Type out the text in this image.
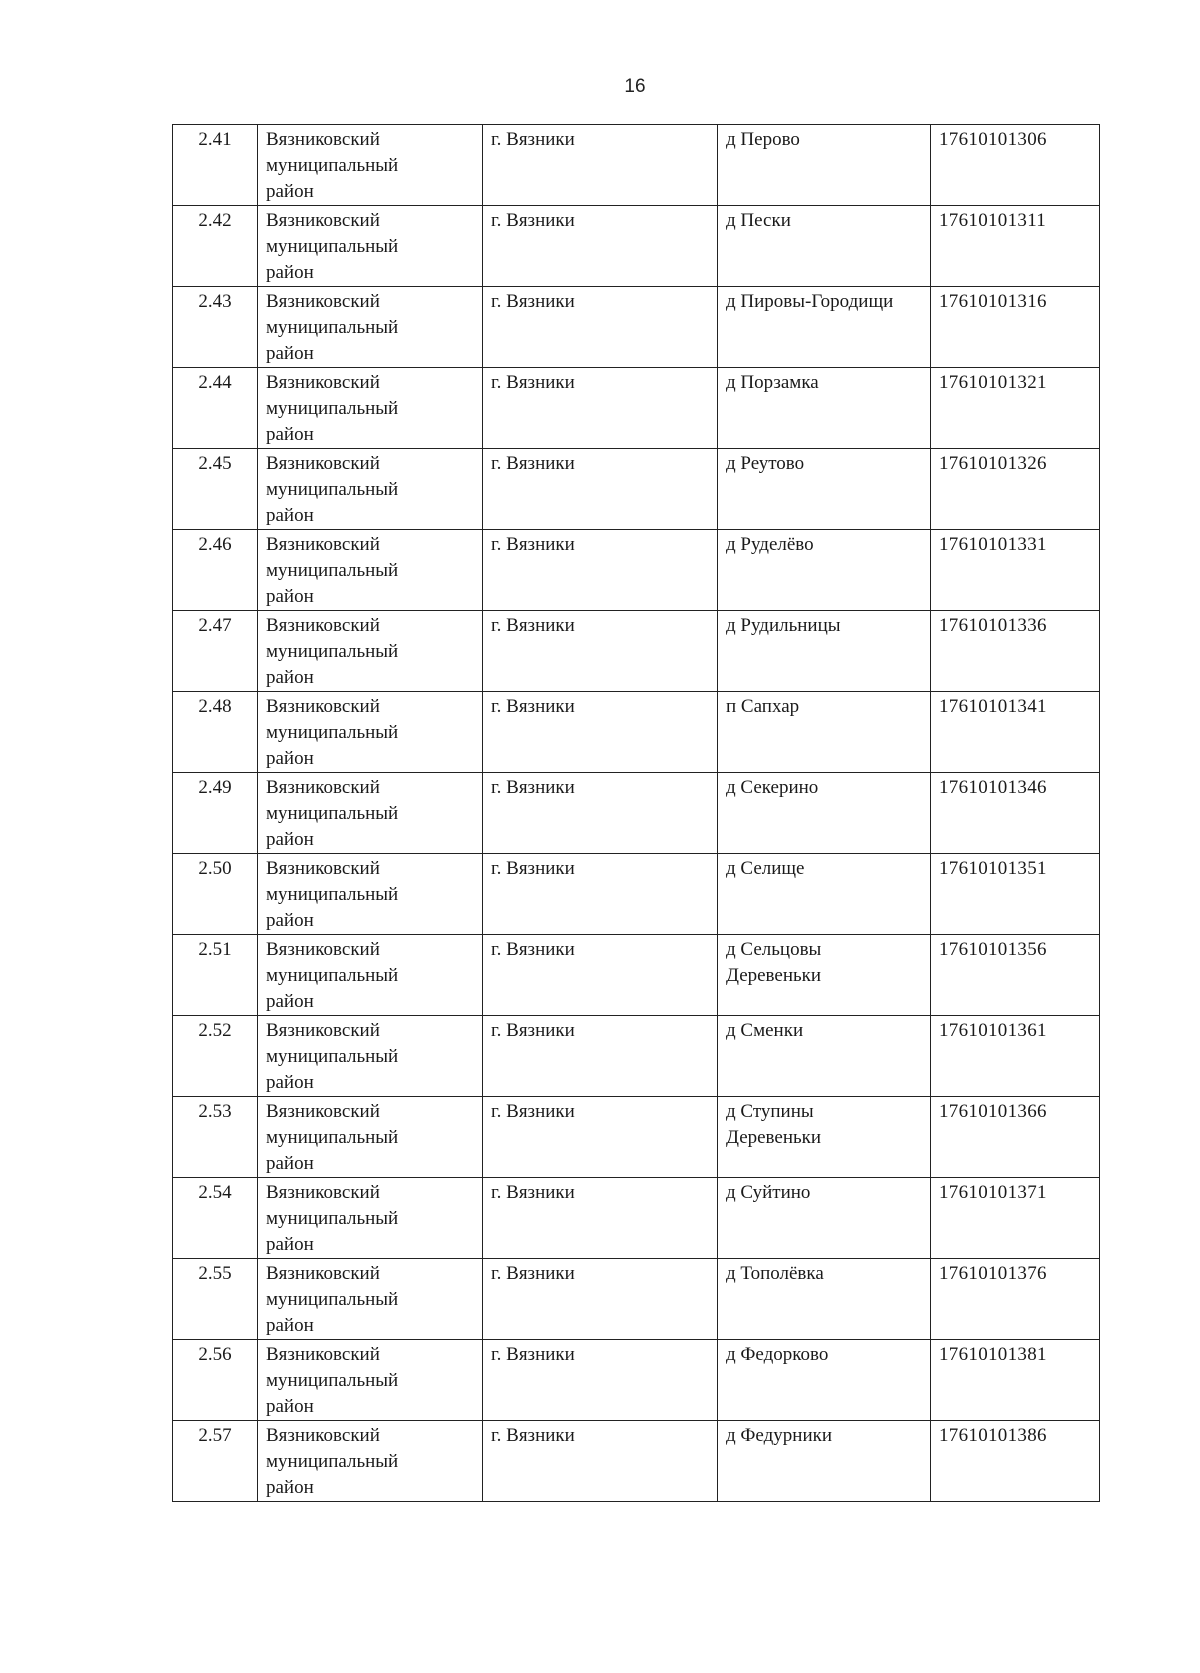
16
2.41	Вязниковский
муниципальный
район	г. Вязники	д Перово	17610101306
2.42	Вязниковский
муниципальный
район	г. Вязники	д Пески	17610101311
2.43	Вязниковский
муниципальный
район	г. Вязники	д Пировы-Городищи	17610101316
2.44	Вязниковский
муниципальный
район	г. Вязники	д Порзамка	17610101321
2.45	Вязниковский
муниципальный
район	г. Вязники	д Реутово	17610101326
2.46	Вязниковский
муниципальный
район	г. Вязники	д Руделёво	17610101331
2.47	Вязниковский
муниципальный
район	г. Вязники	д Рудильницы	17610101336
2.48	Вязниковский
муниципальный
район	г. Вязники	п Сапхар	17610101341
2.49	Вязниковский
муниципальный
район	г. Вязники	д Секерино	17610101346
2.50	Вязниковский
муниципальный
район	г. Вязники	д Селище	17610101351
2.51	Вязниковский
муниципальный
район	г. Вязники	д Сельцовы
Деревеньки	17610101356
2.52	Вязниковский
муниципальный
район	г. Вязники	д Сменки	17610101361
2.53	Вязниковский
муниципальный
район	г. Вязники	д Ступины
Деревеньки	17610101366
2.54	Вязниковский
муниципальный
район	г. Вязники	д Суйтино	17610101371
2.55	Вязниковский
муниципальный
район	г. Вязники	д Тополёвка	17610101376
2.56	Вязниковский
муниципальный
район	г. Вязники	д Федорково	17610101381
2.57	Вязниковский
муниципальный
район	г. Вязники	д Федурники	17610101386
